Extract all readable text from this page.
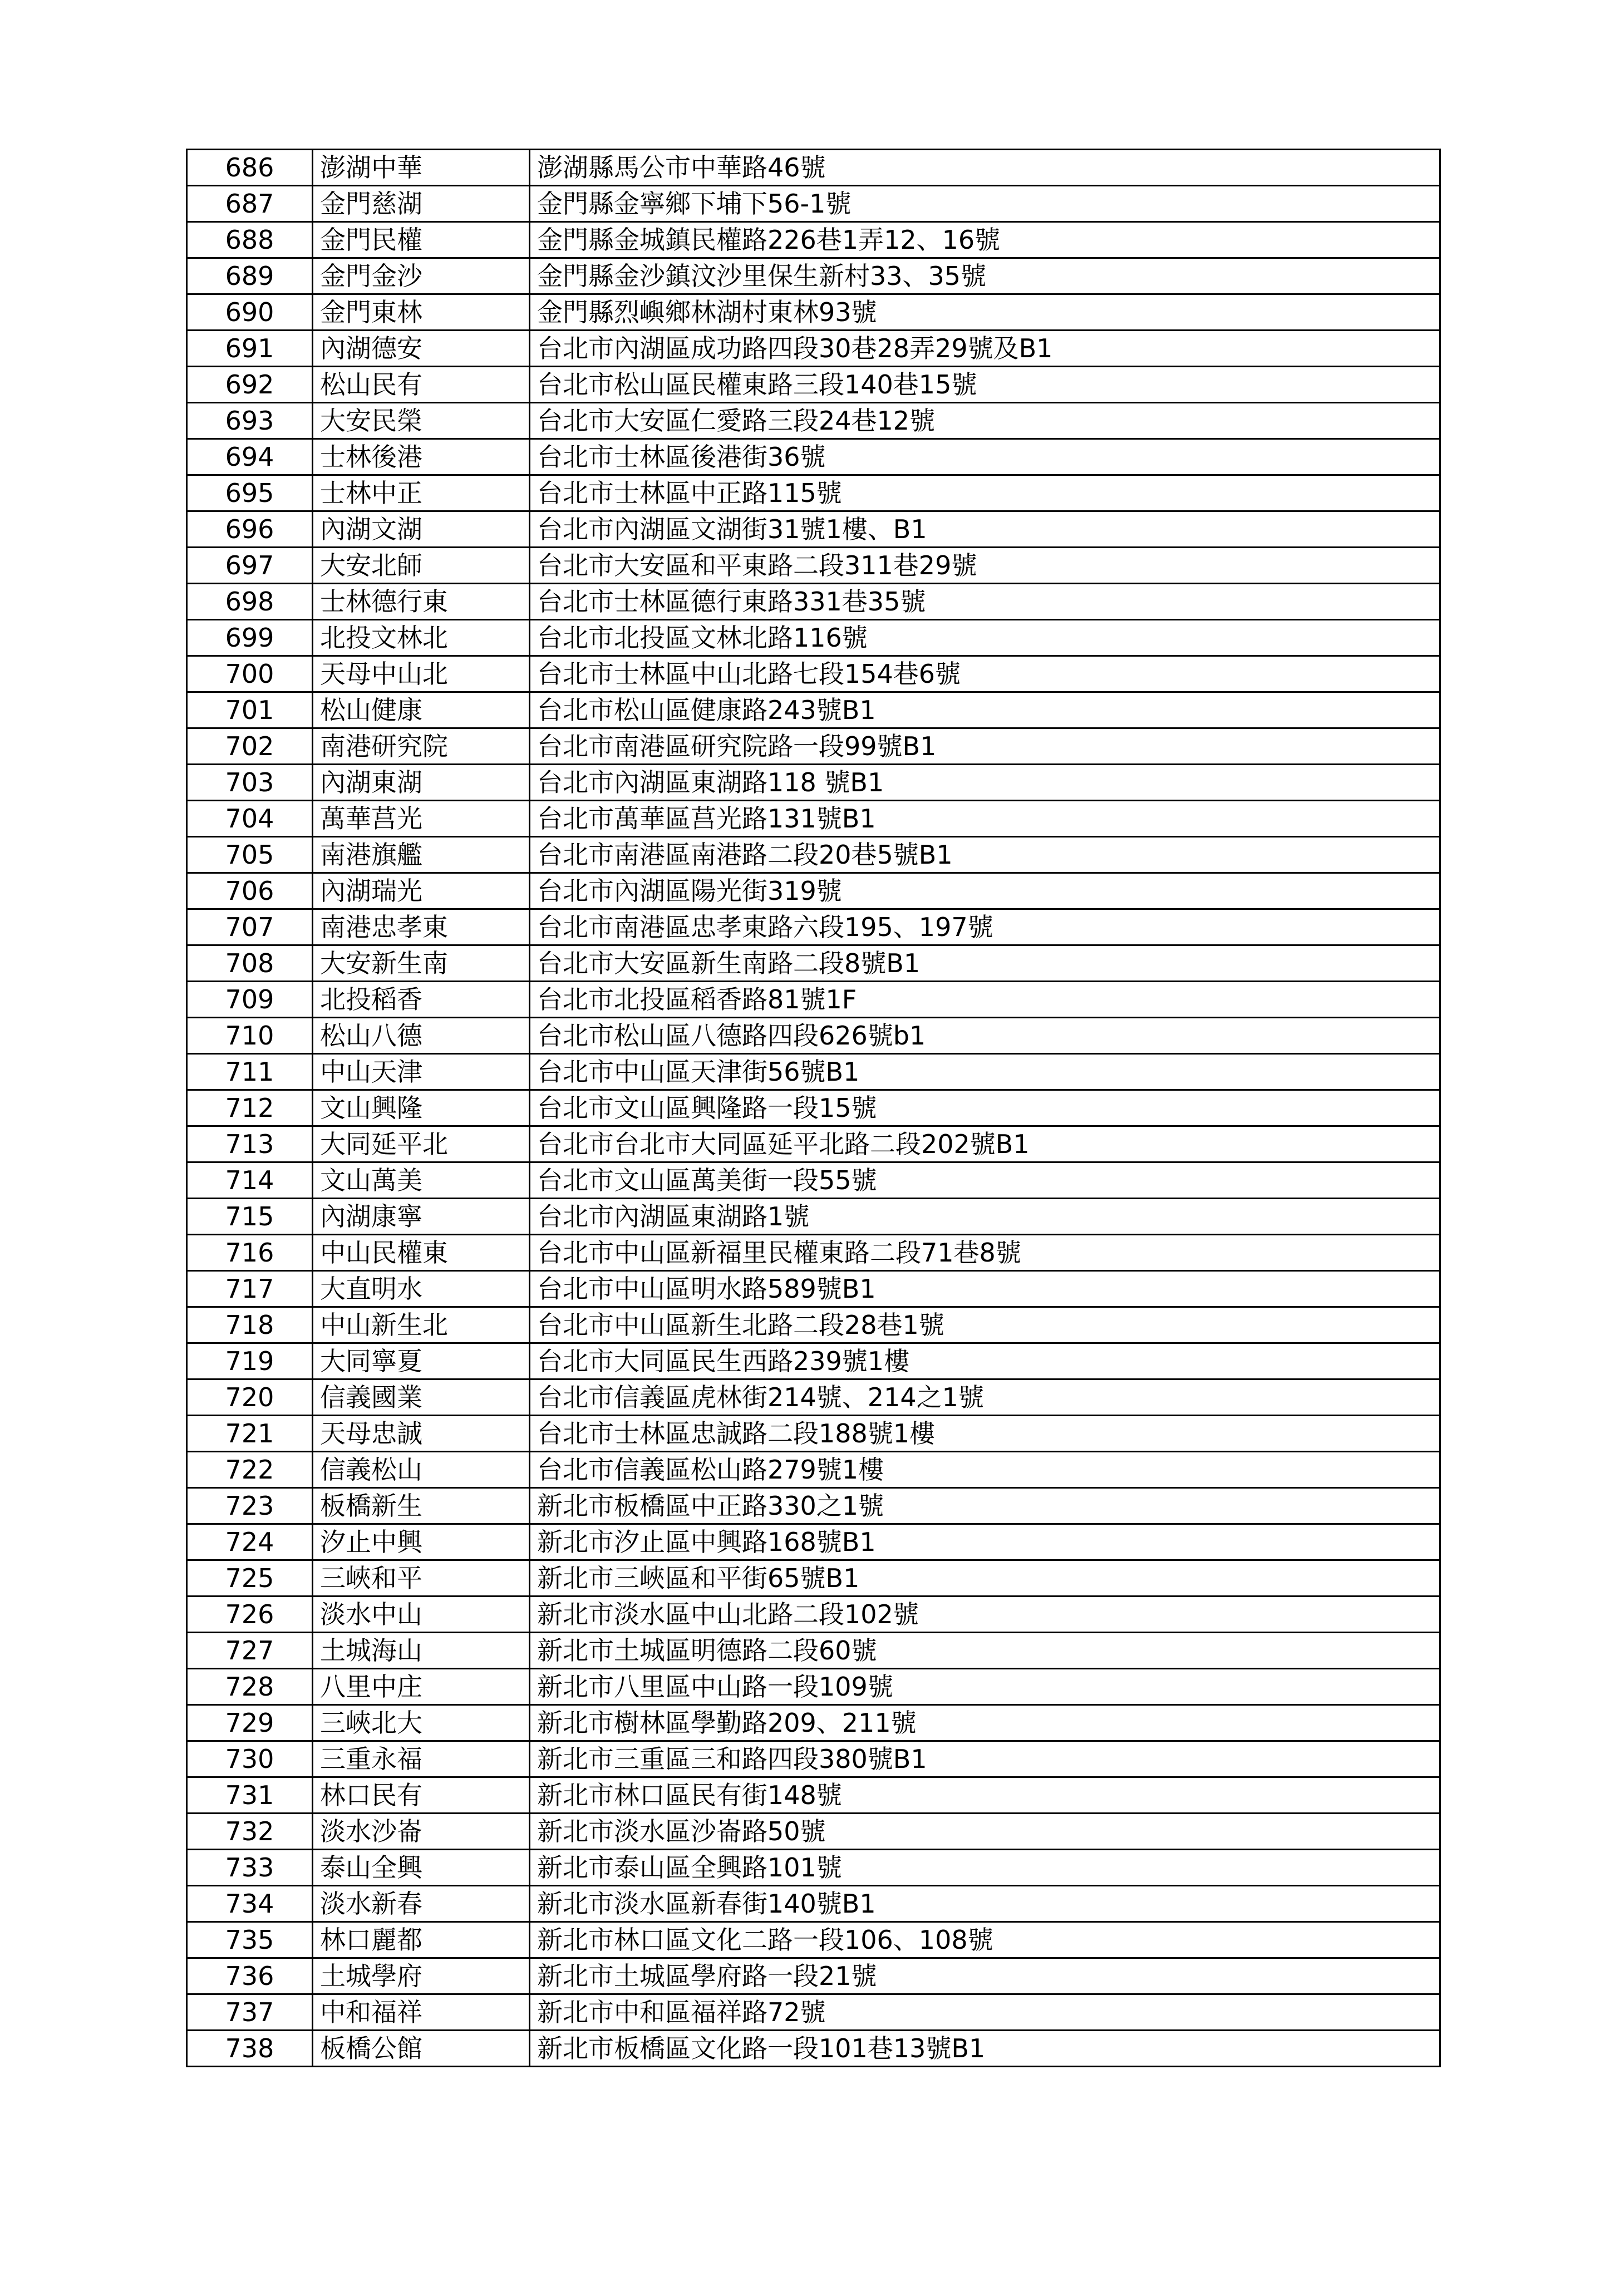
686	澎湖中華	澎湖縣馬公市中華路46號
687	金門慈湖	金門縣金寧鄉下埔下56-1號
688	金門民權	金門縣金城鎮民權路226巷1弄12、16號
689	金門金沙	金門縣金沙鎮汶沙里保生新村33、35號
690	金門東林	金門縣烈嶼鄉林湖村東林93號
691	內湖德安	台北市內湖區成功路四段30巷28弄29號及B1
692	松山民有	台北市松山區民權東路三段140巷15號
693	大安民榮	台北市大安區仁愛路三段24巷12號
694	士林後港	台北市士林區後港街36號
695	士林中正	台北市士林區中正路115號
696	內湖文湖	台北市內湖區文湖街31號1樓、B1
697	大安北師	台北市大安區和平東路二段311巷29號
698	士林德行東	台北市士林區德行東路331巷35號
699	北投文林北	台北市北投區文林北路116號
700	天母中山北	台北市士林區中山北路七段154巷6號
701	松山健康	台北市松山區健康路243號B1
702	南港研究院	台北市南港區研究院路一段99號B1
703	內湖東湖	台北市內湖區東湖路118 號B1
704	萬華莒光	台北市萬華區莒光路131號B1
705	南港旗艦	台北市南港區南港路二段20巷5號B1
706	內湖瑞光	台北市內湖區陽光街319號
707	南港忠孝東	台北市南港區忠孝東路六段195、197號
708	大安新生南	台北市大安區新生南路二段8號B1
709	北投稻香	台北市北投區稻香路81號1F
710	松山八德	台北市松山區八德路四段626號b1
711	中山天津	台北市中山區天津街56號B1
712	文山興隆	台北市文山區興隆路一段15號
713	大同延平北	台北市台北市大同區延平北路二段202號B1
714	文山萬美	台北市文山區萬美街一段55號
715	內湖康寧	台北市內湖區東湖路1號
716	中山民權東	台北市中山區新福里民權東路二段71巷8號
717	大直明水	台北市中山區明水路589號B1
718	中山新生北	台北市中山區新生北路二段28巷1號
719	大同寧夏	台北市大同區民生西路239號1樓
720	信義國業	台北市信義區虎林街214號、214之1號
721	天母忠誠	台北市士林區忠誠路二段188號1樓
722	信義松山	台北市信義區松山路279號1樓
723	板橋新生	新北市板橋區中正路330之1號
724	汐止中興	新北市汐止區中興路168號B1
725	三峽和平	新北市三峽區和平街65號B1
726	淡水中山	新北市淡水區中山北路二段102號
727	土城海山	新北市土城區明德路二段60號
728	八里中庄	新北市八里區中山路一段109號
729	三峽北大	新北市樹林區學勤路209、211號
730	三重永福	新北市三重區三和路四段380號B1
731	林口民有	新北市林口區民有街148號
732	淡水沙崙	新北市淡水區沙崙路50號
733	泰山全興	新北市泰山區全興路101號
734	淡水新春	新北市淡水區新春街140號B1
735	林口麗都	新北市林口區文化二路一段106、108號
736	土城學府	新北市土城區學府路一段21號
737	中和福祥	新北市中和區福祥路72號
738	板橋公館	新北市板橋區文化路一段101巷13號B1
